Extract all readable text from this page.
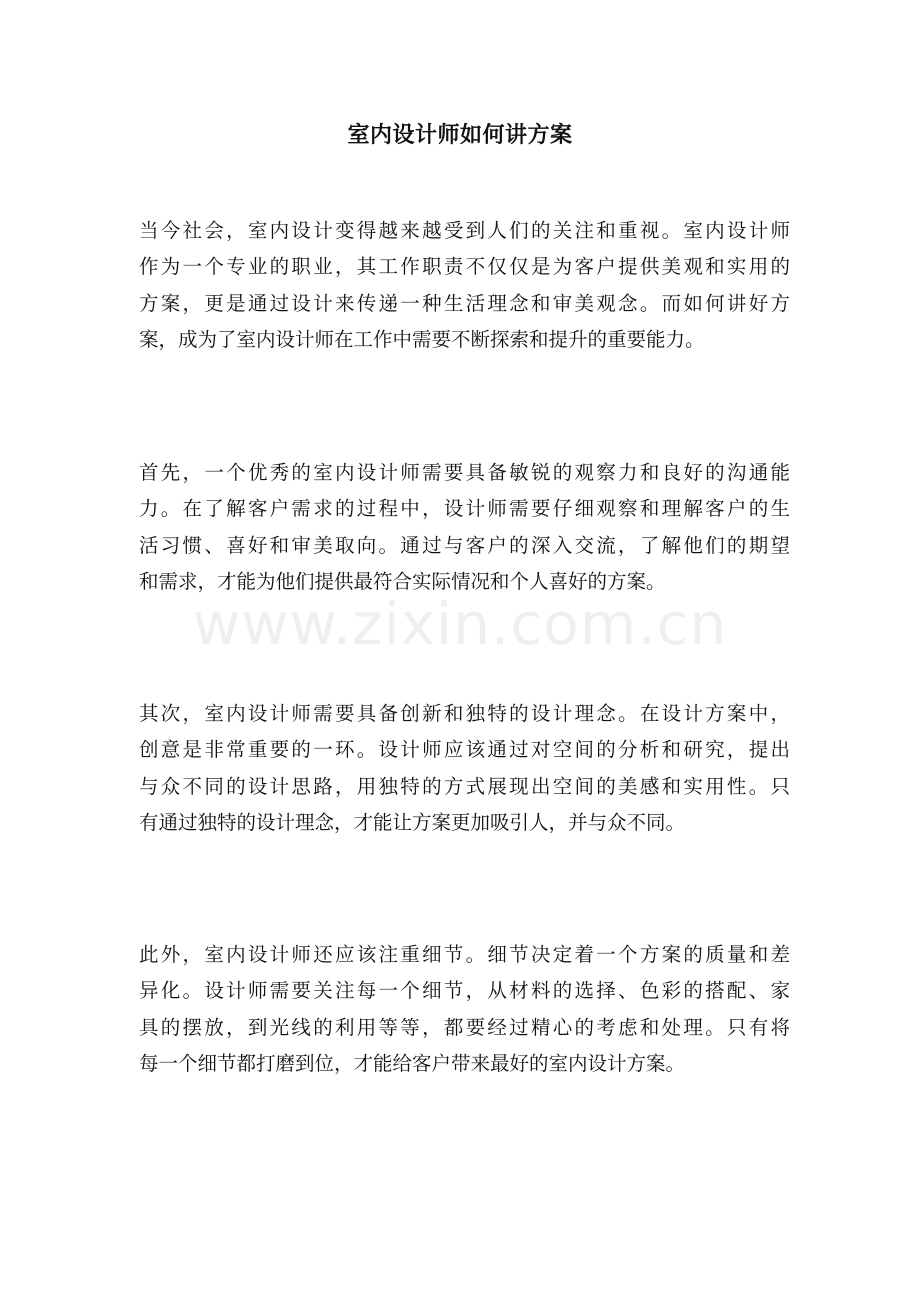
www.zixin.com.cn
室内设计师如何讲方案
当今社会，室内设计变得越来越受到人们的关注和重视。室内设计师
作为一个专业的职业，其工作职责不仅仅是为客户提供美观和实用的
方案，更是通过设计来传递一种生活理念和审美观念。而如何讲好方
案，成为了室内设计师在工作中需要不断探索和提升的重要能力。
首先，一个优秀的室内设计师需要具备敏锐的观察力和良好的沟通能
力。在了解客户需求的过程中，设计师需要仔细观察和理解客户的生
活习惯、喜好和审美取向。通过与客户的深入交流，了解他们的期望
和需求，才能为他们提供最符合实际情况和个人喜好的方案。
其次，室内设计师需要具备创新和独特的设计理念。在设计方案中，
创意是非常重要的一环。设计师应该通过对空间的分析和研究，提出
与众不同的设计思路，用独特的方式展现出空间的美感和实用性。只
有通过独特的设计理念，才能让方案更加吸引人，并与众不同。
此外，室内设计师还应该注重细节。细节决定着一个方案的质量和差
异化。设计师需要关注每一个细节，从材料的选择、色彩的搭配、家
具的摆放，到光线的利用等等，都要经过精心的考虑和处理。只有将
每一个细节都打磨到位，才能给客户带来最好的室内设计方案。
